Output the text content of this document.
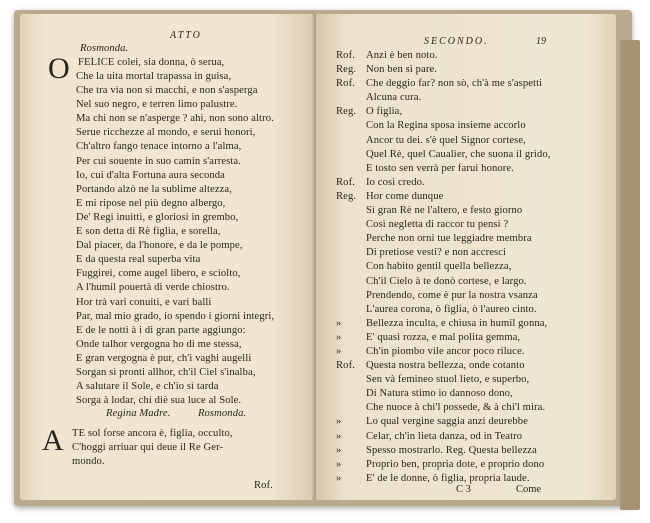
ATTO
Rosmonda.
O FELICE colei, sia donna, ò serua,
Che la uita mortal trapassa in guisa,
Che tra via non si macchi, e non s'asperga
Nel suo negro, e terren limo palustre.
Ma chi non se n'asperge ? ahi, non sono altro.
Serue ricchezze al mondo, e serui honori,
Ch'altro fango tenace intorno a l'alma,
Per cui souente in suo camin s'arresta.
Io, cui d'alta Fortuna aura seconda
Portando alzò ne la sublime altezza,
E mi ripose nel più degno albergo,
De' Regi inuitti, e gloriosi in grembo,
E son detta di Rè figlia, e sorella,
Dal piacer, da l'honore, e da le pompe,
E da questa real superba vita
Fuggirei, come augel libero, e sciolto,
A l'humil pouertà di verde chiostro.
Hor trà vari conuiti, e vari balli
Par, mal mio grado, io spendo i giorni integri,
E de le notti à i di gran parte aggiungo:
Onde talhor vergogna ho di me stessa,
E gran vergogna è pur, ch'i vaghi augelli
Sorgan sì pronti allhor, ch'il Ciel s'inalba,
A salutare il Sole, e ch'io sì tarda
Sorga à lodar, chi diè sua luce al Sole.
Regina Madre.	Rosmonda.
A TE sol forse ancora è, figlia, occulto,
C'hoggi arriuar qui deue il Re Ger-
mondo.
Rof.
SECONDO.	19
Rof. Anzi è ben noto.
Reg. Non ben sì pare.
Rof. Che deggio far? non sò, ch'à me s'aspetti
Alcuna cura.
Reg. O figlia,
Con la Regina sposa insieme accorlo
Ancor tu dei. s'è quel Signor cortese,
Quel Rè, quel Caualier, che suona il grido,
E tosto sen verrà per farui honore.
Rof. Io così credo.
Reg. Hor come dunque
Sì gran Rè ne l'altero, e festo giorno
Così negletta di raccor tu pensi ?
Perche non orni tue leggiadre membra
Di pretiose vesti? e non accresci
Con habito gentil quella bellezza,
Ch'il Cielo à te donò cortese, e largo.
Prendendo, come è pur la nostra vsanza
L'aurea corona, ò figlia, ò l'aureo cinto.
» Bellezza inculta, e chiusa in humil gonna,
» E' quasi rozza, e mal polita gemma,
» Ch'in piombo vile ancor poco riluce.
Rof. Questa nostra bellezza, onde cotanto
Sen và femineo stuol lieto, e superbo,
Di Natura stimo io dannoso dono,
Che nuoce à chi'l possede, & à chi'l mira.
» Lo qual vergine saggia anzi deurebbe
» Celar, ch'in lieta danza, od in Teatro
» Spesso mostrarlo. Reg. Questa bellezza
» Proprio ben, propria dote, e proprio dono
» E' de le donne, ò figlia, propria laude.
C 3	Come
